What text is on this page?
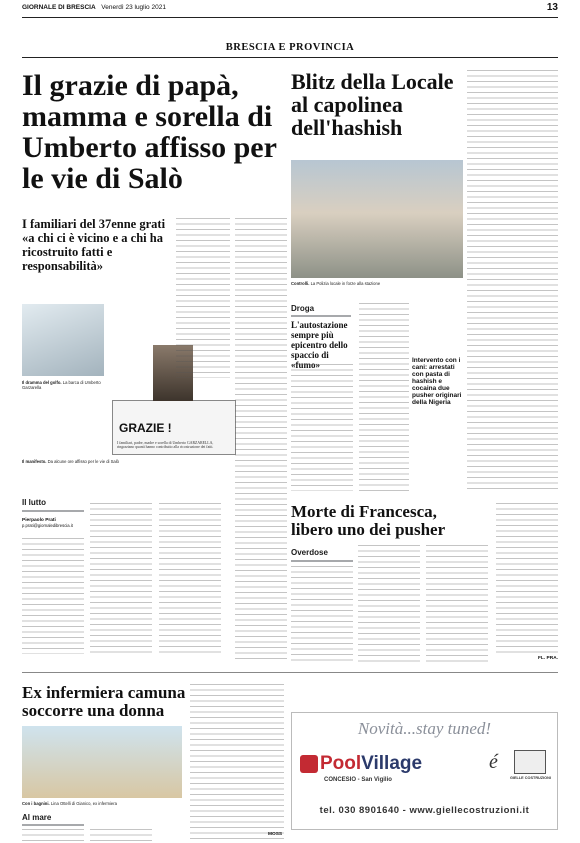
GIORNALE DI BRESCIA Venerdì 23 luglio 2021	13
BRESCIA E PROVINCIA
Il grazie di papà, mamma e sorella di Umberto affisso per le vie di Salò
I familiari del 37enne grati «a chi ci è vicino e a chi ha ricostruito fatti e responsabilità»
Il dramma del golfo. La barca di Umberto Garzarella
GRAZIE !
I familiari, padre, madre e sorella di Umberto GARZARELLA, ringraziano quanti hanno contribuito alla ricostruzione dei fatti.
Il manifesto. Da alcune ore affisso per le vie di Salò
Il lutto
Pierpaolo Prati
p.prati@giornaledibrescia.it
Blitz della Locale al capolinea dell'hashish
Controlli. La Polizia locale in forze alla stazione
Droga
L'autostazione sempre più epicentro dello spaccio di «fumo»	Intervento con i cani: arrestati con pasta di hashish e cocaina due pusher originari della Nigeria
Morte di Francesca, libero uno dei pusher
Overdose
FL. PRA.
Ex infermiera camuna soccorre una donna
Con i bagnini. Lina Ottelli di Gianico, ex infermiera
Al mare
MOSS
Novità...stay tuned!
PoolVillage
CONCESIO - San Vigilio
é
GIELLE COSTRUZIONI
tel. 030 8901640 - www.giellecostruzioni.it
